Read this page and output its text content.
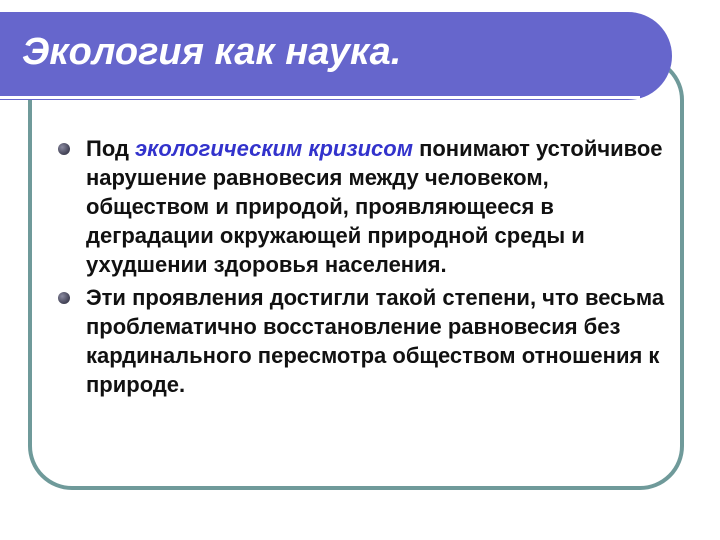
Экология как наука.
Под экологическим кризисом понимают устойчивое нарушение равновесия между человеком, обществом и природой, проявляющееся в деградации окружающей природной среды и ухудшении здоровья населения.
Эти проявления достигли такой степени, что весьма проблематично восстановление равновесия без кардинального пересмотра обществом отношения к природе.
